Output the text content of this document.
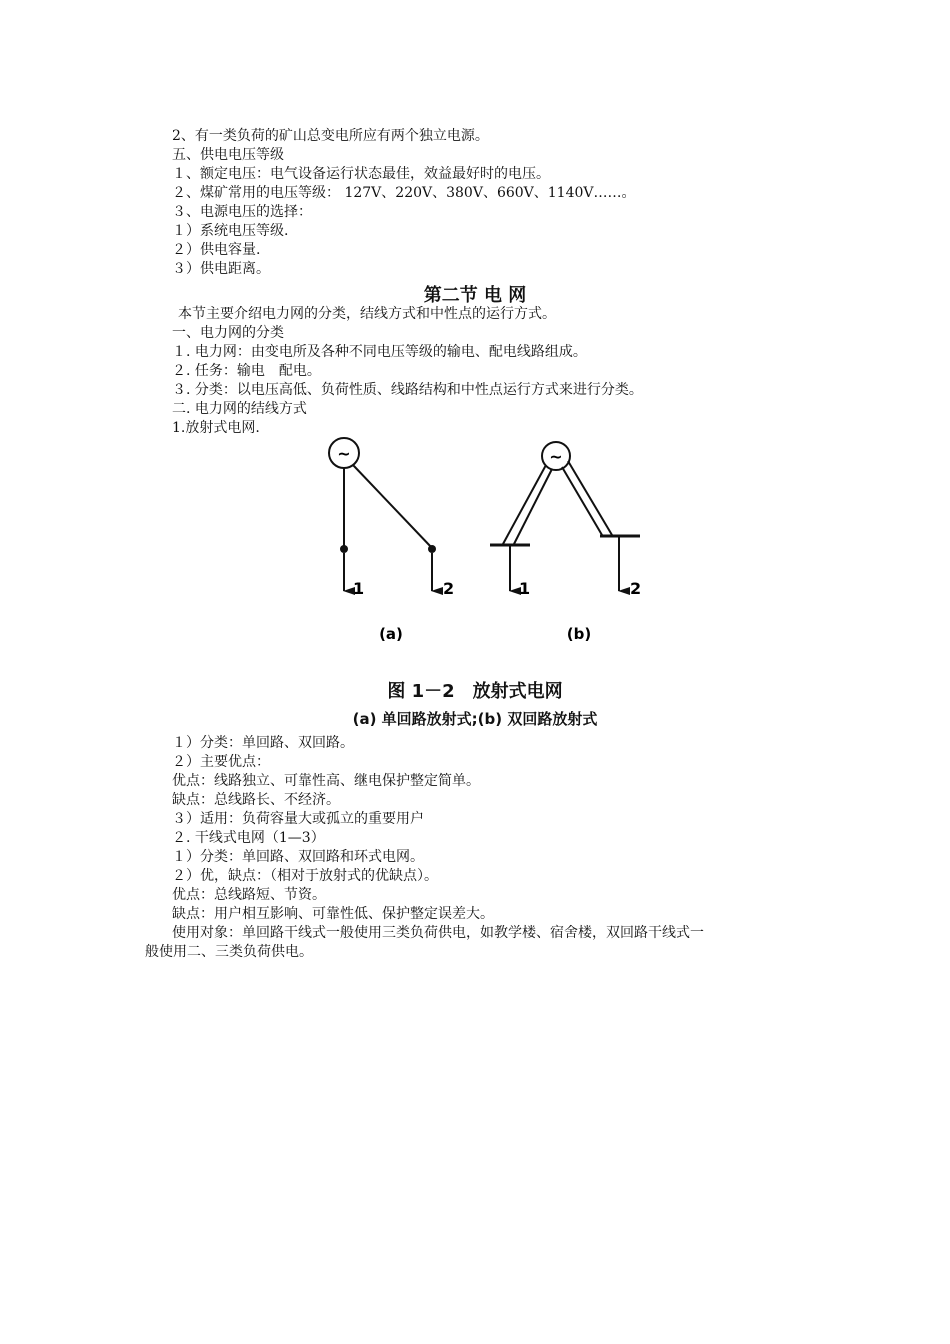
2、有一类负荷的矿山总变电所应有两个独立电源。
五、供电电压等级
１、额定电压：电气设备运行状态最佳，效益最好时的电压。
２、煤矿常用的电压等级： 127V、220V、380V、660V、1140V……。
３、电源电压的选择：
１）系统电压等级.
２）供电容量.
３）供电距离。
第二节 电 网
本节主要介绍电力网的分类，结线方式和中性点的运行方式。
一、电力网的分类
１. 电力网：由变电所及各种不同电压等级的输电、配电线路组成。
２. 任务：输电　配电。
３. 分类：以电压高低、负荷性质、线路结构和中性点运行方式来进行分类。
二. 电力网的结线方式
1.放射式电网.
~
1	2
(a)
~
1	2
(b)
图 1－2　放射式电网
(a) 单回路放射式;(b) 双回路放射式
１）分类：单回路、双回路。
２）主要优点：
优点：线路独立、可靠性高、继电保护整定简单。
缺点：总线路长、不经济。
３）适用：负荷容量大或孤立的重要用户
２. 干线式电网（1—3）
１）分类：单回路、双回路和环式电网。
２）优，缺点：（相对于放射式的优缺点）。
优点：总线路短、节资。
缺点：用户相互影响、可靠性低、保护整定误差大。
使用对象：单回路干线式一般使用三类负荷供电，如教学楼、宿舍楼，双回路干线式一
般使用二、三类负荷供电。
